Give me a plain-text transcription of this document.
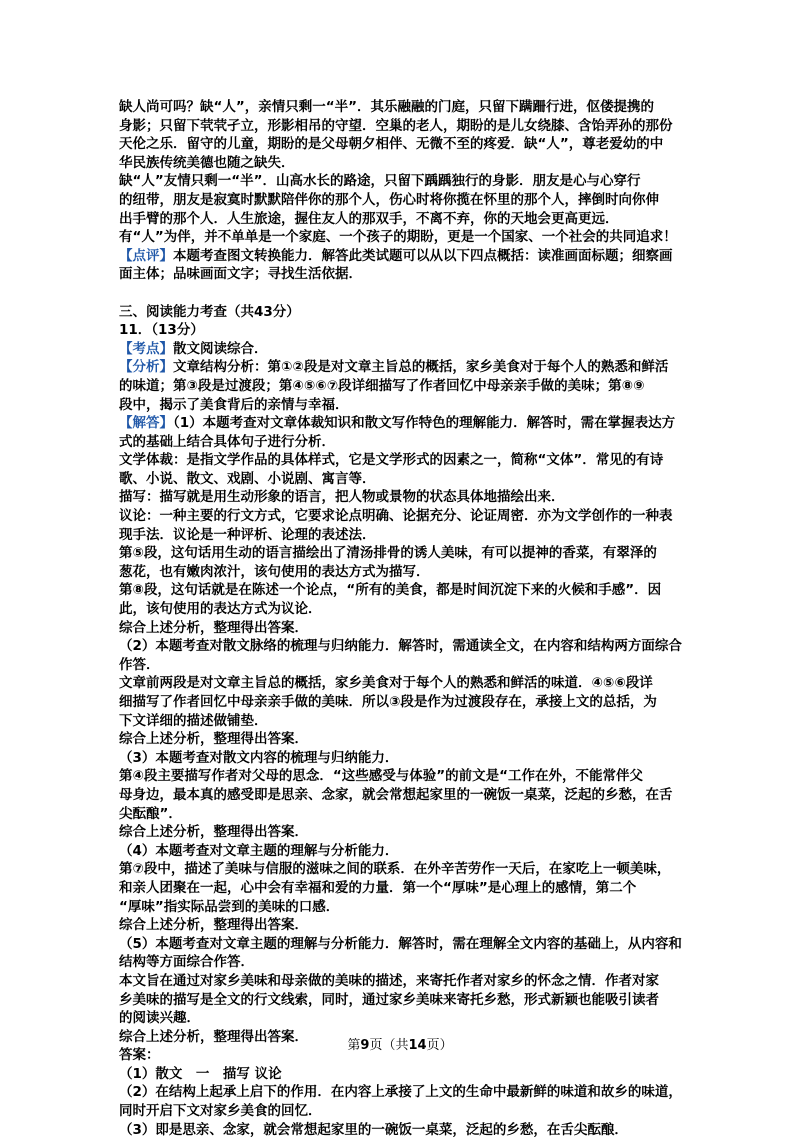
缺人尚可吗？缺“人”，亲情只剩一“半”．其乐融融的门庭，只留下蹒跚行进，伛偻提携的
身影；只留下茕茕孑立，形影相吊的守望．空巢的老人，期盼的是儿女绕膝、含饴弄孙的那份
天伦之乐．留守的儿童，期盼的是父母朝夕相伴、无微不至的疼爱．缺“人”，尊老爱幼的中
华民族传统美德也随之缺失．
缺“人”友情只剩一“半”．山高水长的路途，只留下踽踽独行的身影．朋友是心与心穿行
的纽带，朋友是寂寞时默默陪伴你的那个人，伤心时将你揽在怀里的那个人，摔倒时向你伸
出手臂的那个人．人生旅途，握住友人的那双手，不离不弃，你的天地会更高更远．
有“人”为伴，并不单单是一个家庭、一个孩子的期盼，更是一个国家、一个社会的共同追求！
【点评】本题考查图文转换能力．解答此类试题可以从以下四点概括：读准画面标题；细察画
面主体；品味画面文字；寻找生活依据．
三、阅读能力考查（共43分）
11．（13分）
【考点】散文阅读综合．
【分析】文章结构分析：第①②段是对文章主旨总的概括，家乡美食对于每个人的熟悉和鲜活
的味道；第③段是过渡段；第④⑤⑥⑦段详细描写了作者回忆中母亲亲手做的美味；第⑧⑨
段中，揭示了美食背后的亲情与幸福．
【解答】（1）本题考查对文章体裁知识和散文写作特色的理解能力．解答时，需在掌握表达方
式的基础上结合具体句子进行分析．
文学体裁：是指文学作品的具体样式，它是文学形式的因素之一，简称“文体”．常见的有诗
歌、小说、散文、戏剧、小说剧、寓言等．
描写：描写就是用生动形象的语言，把人物或景物的状态具体地描绘出来．
议论：一种主要的行文方式，它要求论点明确、论据充分、论证周密．亦为文学创作的一种表
现手法．议论是一种评析、论理的表述法．
第⑤段，这句话用生动的语言描绘出了清汤排骨的诱人美味，有可以提神的香菜，有翠泽的
葱花，也有嫩肉浓汁，该句使用的表达方式为描写．
第⑧段，这句话就是在陈述一个论点，“所有的美食，都是时间沉淀下来的火候和手感”．因
此，该句使用的表达方式为议论．
综合上述分析，整理得出答案．
（2）本题考查对散文脉络的梳理与归纳能力．解答时，需通读全文，在内容和结构两方面综合
作答．
文章前两段是对文章主旨总的概括，家乡美食对于每个人的熟悉和鲜活的味道．④⑤⑥段详
细描写了作者回忆中母亲亲手做的美味．所以③段是作为过渡段存在，承接上文的总括，为
下文详细的描述做铺垫．
综合上述分析，整理得出答案．
（3）本题考查对散文内容的梳理与归纳能力．
第④段主要描写作者对父母的思念．“这些感受与体验”的前文是“工作在外，不能常伴父
母身边，最本真的感受即是思亲、念家，就会常想起家里的一碗饭一桌菜，泛起的乡愁，在舌
尖酝酿”．
综合上述分析，整理得出答案．
（4）本题考查对文章主题的理解与分析能力．
第⑦段中，描述了美味与信服的滋味之间的联系．在外辛苦劳作一天后，在家吃上一顿美味，
和亲人团聚在一起，心中会有幸福和爱的力量．第一个“厚味”是心理上的感情，第二个
“厚味”指实际品尝到的美味的口感．
综合上述分析，整理得出答案．
（5）本题考查对文章主题的理解与分析能力．解答时，需在理解全文内容的基础上，从内容和
结构等方面综合作答．
本文旨在通过对家乡美味和母亲做的美味的描述，来寄托作者对家乡的怀念之情．作者对家
乡美味的描写是全文的行文线索，同时，通过家乡美味来寄托乡愁，形式新颖也能吸引读者
的阅读兴趣．
综合上述分析，整理得出答案．
答案：
（1）散文　一　描写 议论
（2）在结构上起承上启下的作用．在内容上承接了上文的生命中最新鲜的味道和故乡的味道，
同时开启下文对家乡美食的回忆．
（3）即是思亲、念家，就会常想起家里的一碗饭一桌菜，泛起的乡愁，在舌尖酝酿．
第9页（共14页）
